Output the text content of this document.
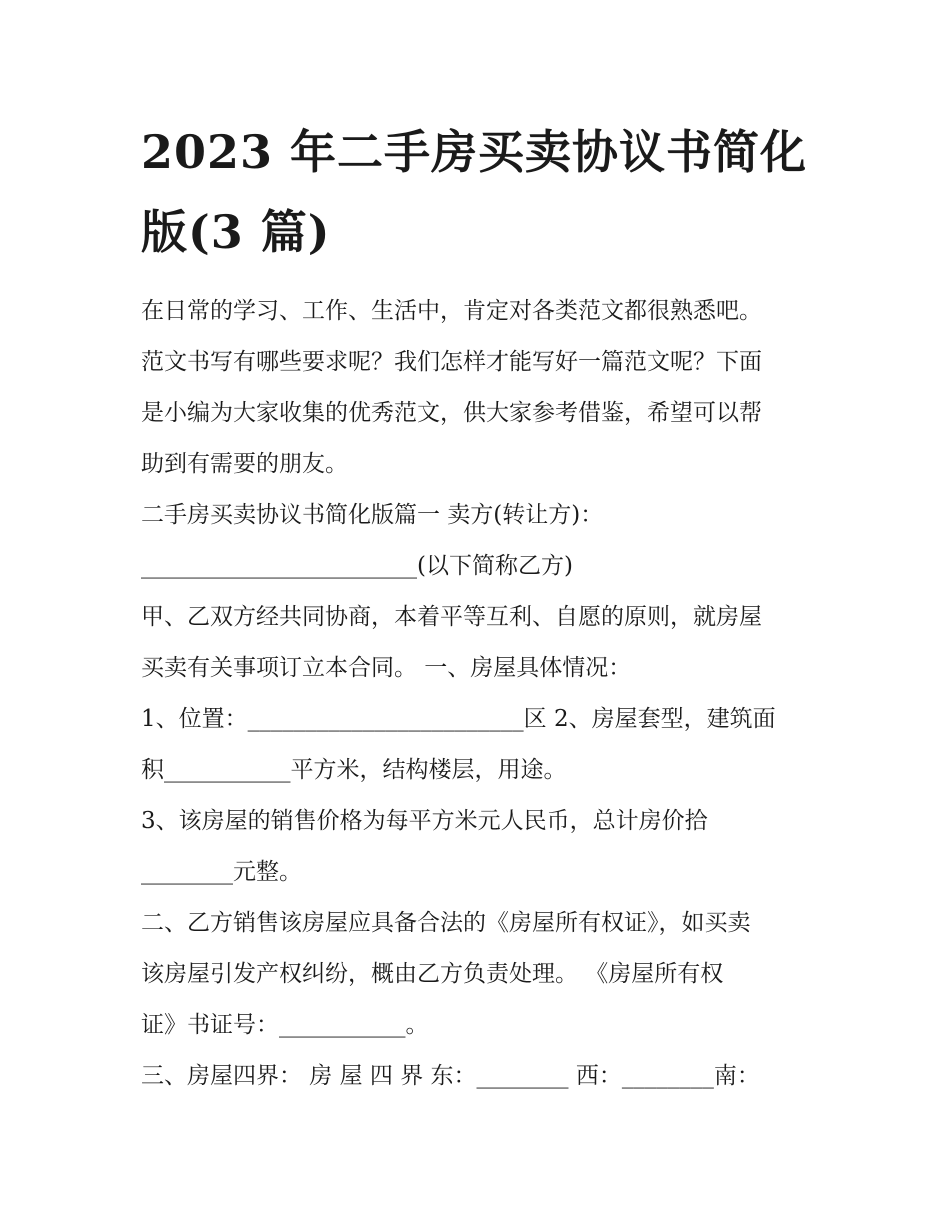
2023 年二手房买卖协议书简化
版(3 篇)
在日常的学习、工作、生活中，肯定对各类范文都很熟悉吧。
范文书写有哪些要求呢？我们怎样才能写好一篇范文呢？下面
是小编为大家收集的优秀范文，供大家参考借鉴，希望可以帮
助到有需要的朋友。
二手房买卖协议书简化版篇一 卖方(转让方)：
________________________(以下简称乙方)
甲、乙双方经共同协商，本着平等互利、自愿的原则，就房屋
买卖有关事项订立本合同。 一、房屋具体情况：
1、位置：________________________区 2、房屋套型，建筑面
积___________平方米，结构楼层，用途。
3、该房屋的销售价格为每平方米元人民币，总计房价拾
________元整。
二、乙方销售该房屋应具备合法的《房屋所有权证》，如买卖
该房屋引发产权纠纷，概由乙方负责处理。 《房屋所有权
证》书证号：___________。
三、房屋四界： 房 屋 四 界 东：________ 西：________南：
